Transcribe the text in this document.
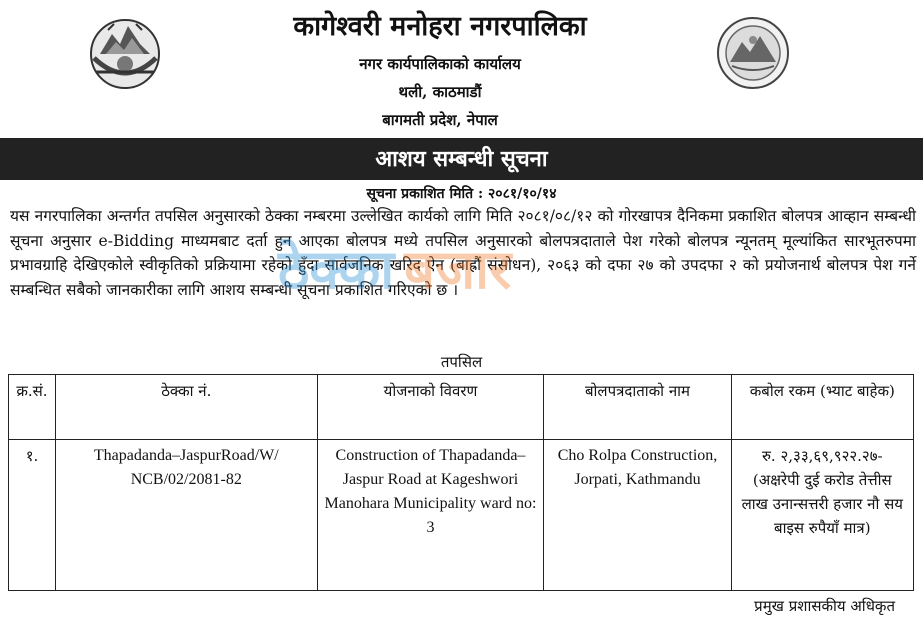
कागेश्वरी मनोहरा नगरपालिका
नगर कार्यपालिकाको कार्यालय
थली, काठमाडौं
बागमती प्रदेश, नेपाल
आशय सम्बन्धी सूचना
सूचना प्रकाशित मिति : २०८१/१०/१४
यस नगरपालिका अन्तर्गत तपसिल अनुसारको ठेक्का नम्बरमा उल्लेखित कार्यको लागि मिति २०८१/०८/१२ को गोरखापत्र दैनिकमा प्रकाशित बोलपत्र आव्हान सम्बन्धी सूचना अनुसार e-Bidding माध्यमबाट दर्ता हुन आएका बोलपत्र मध्ये तपसिल अनुसारको बोलपत्रदाताले पेश गरेको बोलपत्र न्यूनतम् मूल्यांकित सारभूतरुपमा प्रभावग्राहि देखिएकोले स्वीकृतिको प्रक्रियामा रहेको हुँदा सार्वजनिक खरिद ऐन (बाह्रौं संसोधन), २०६३ को दफा २७ को उपदफा २ को प्रयोजनार्थ बोलपत्र पेश गर्ने सम्बन्धित सबैको जानकारीका लागि आशय सम्बन्धी सूचना प्रकाशित गरिएको छ ।
ठेक्का बजार
तपसिल
क्र.सं.	ठेक्का नं.	योजनाको विवरण	बोलपत्रदाताको नाम	कबोल रकम (भ्याट बाहेक)
१.	Thapadanda–JaspurRoad/W/ NCB/02/2081-82	Construction of Thapadanda–Jaspur Road at Kageshwori Manohara Municipality ward no: 3	Cho Rolpa Construction, Jorpati, Kathmandu	रु. २,३३,६९,९२२.२७-
(अक्षरेपी दुई करोड तेत्तीस लाख उनान्सत्तरी हजार नौ सय बाइस रुपैयाँ मात्र)
प्रमुख प्रशासकीय अधिकृत
